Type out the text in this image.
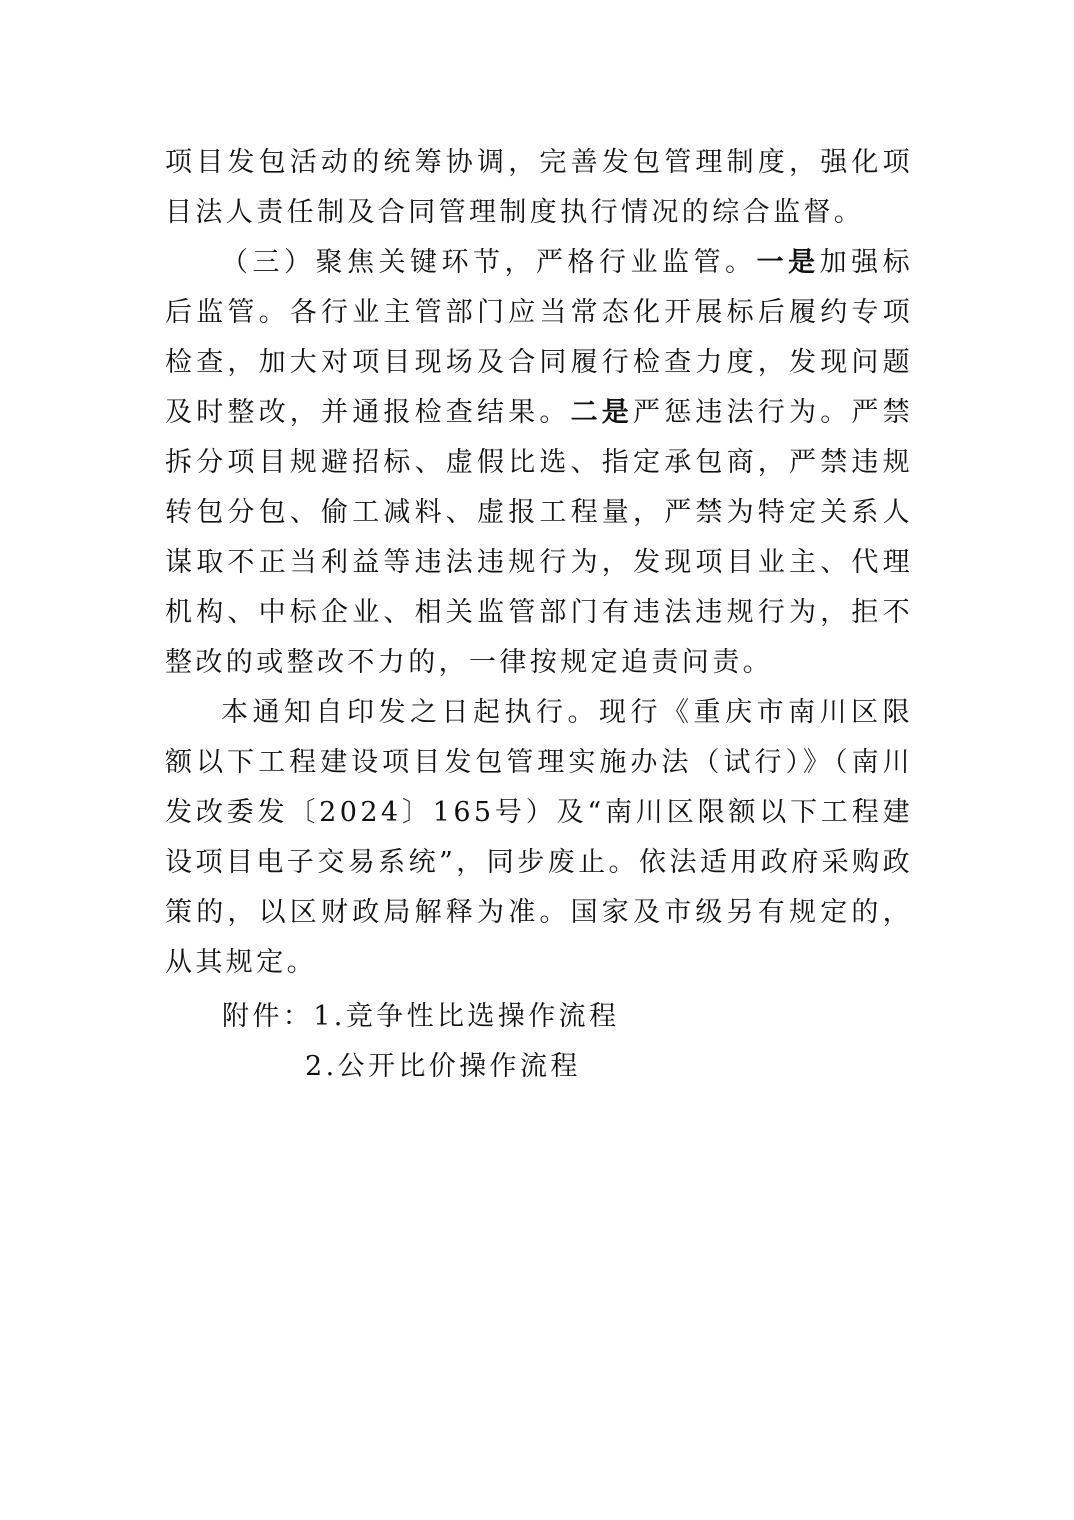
项目发包活动的统筹协调，完善发包管理制度，强化项目法人责任制及合同管理制度执行情况的综合监督。

（三）聚焦关键环节，严格行业监管。一是加强标后监管。各行业主管部门应当常态化开展标后履约专项检查，加大对项目现场及合同履行检查力度，发现问题及时整改，并通报检查结果。二是严惩违法行为。严禁拆分项目规避招标、虚假比选、指定承包商，严禁违规转包分包、偷工减料、虚报工程量，严禁为特定关系人谋取不正当利益等违法违规行为，发现项目业主、代理机构、中标企业、相关监管部门有违法违规行为，拒不整改的或整改不力的，一律按规定追责问责。

本通知自印发之日起执行。现行《重庆市南川区限额以下工程建设项目发包管理实施办法（试行）》（南川发改委发〔2024〕165号）及“南川区限额以下工程建设项目电子交易系统”，同步废止。依法适用政府采购政策的，以区财政局解释为准。国家及市级另有规定的，从其规定。

附件：1.竞争性比选操作流程
2.公开比价操作流程
